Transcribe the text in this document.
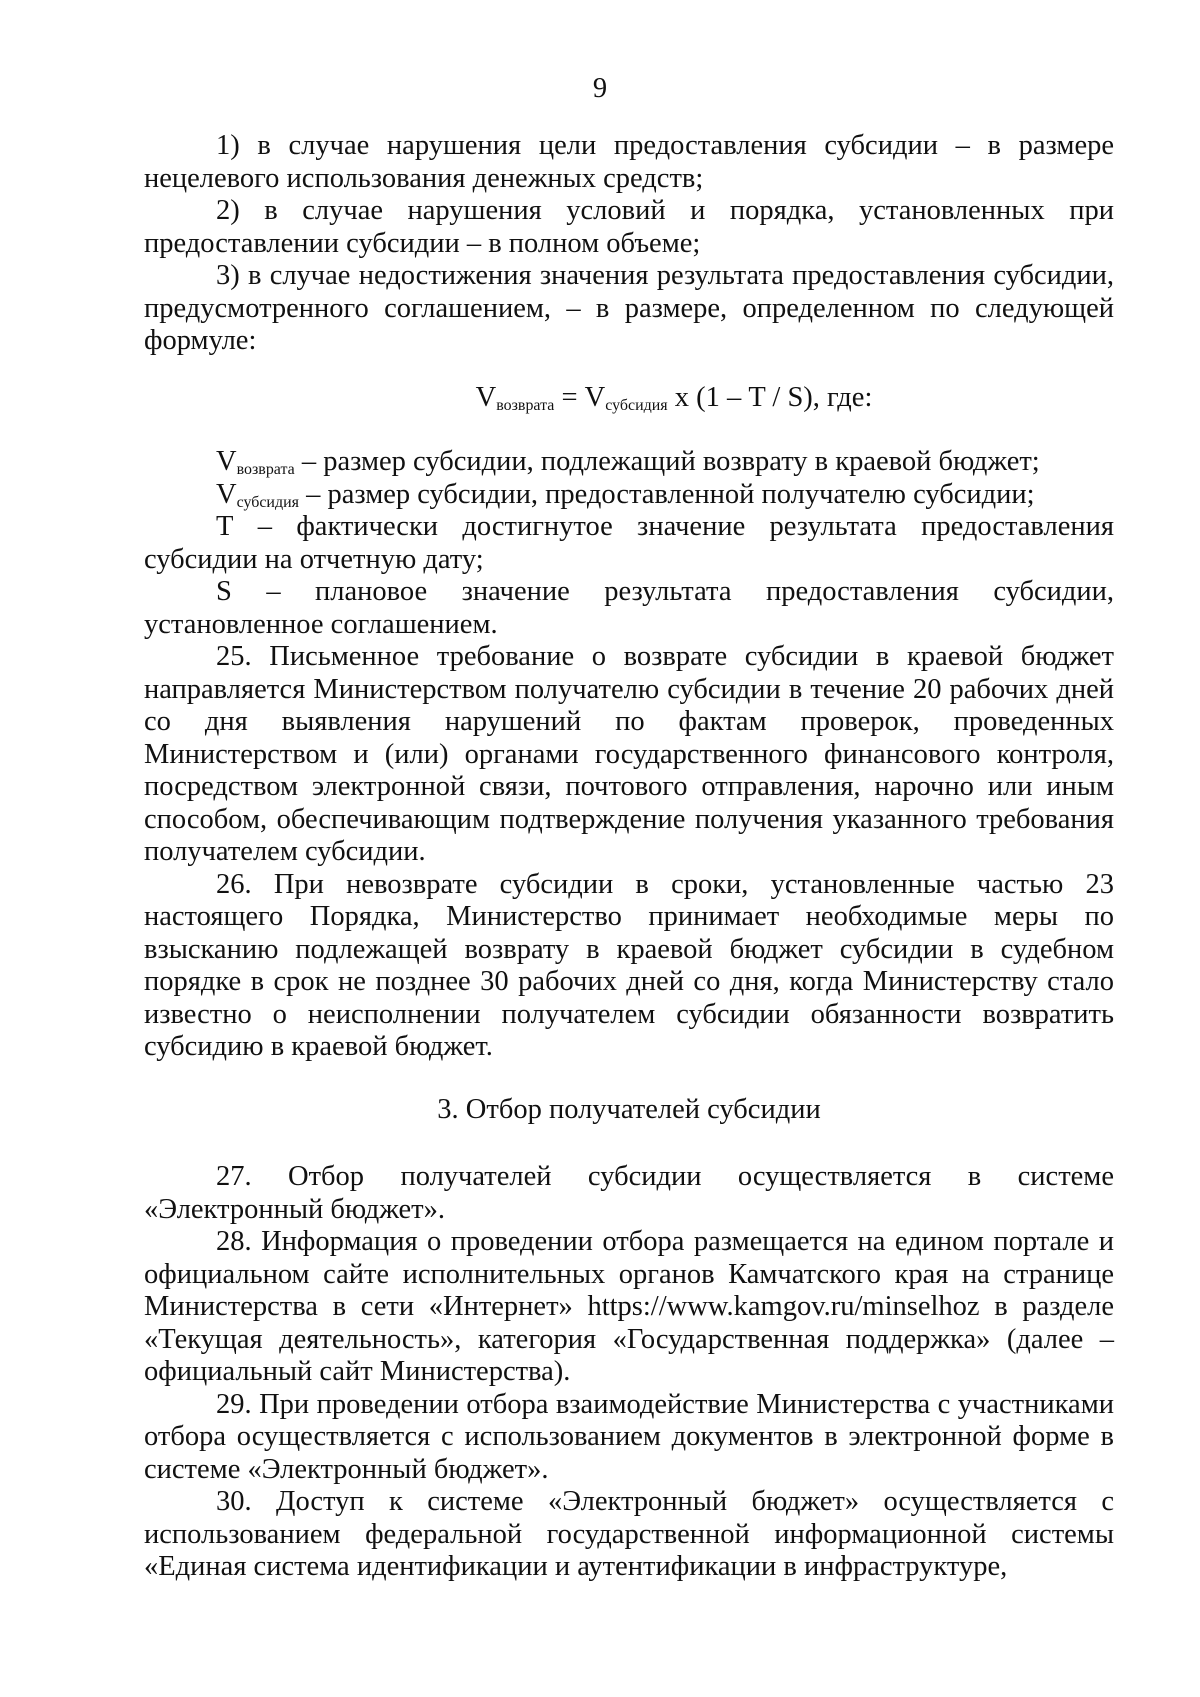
9

1) в случае нарушения цели предоставления субсидии – в размере нецелевого использования денежных средств;

2) в случае нарушения условий и порядка, установленных при предоставлении субсидии – в полном объеме;

3) в случае недостижения значения результата предоставления субсидии, предусмотренного соглашением, – в размере, определенном по следующей формуле:

$V_{возврата} = V_{субсидия}$ х (1 – T / S), где:

$V_{возврата}$ – размер субсидии, подлежащий возврату в краевой бюджет;

$V_{субсидия}$ – размер субсидии, предоставленной получателю субсидии;

T – фактически достигнутое значение результата предоставления субсидии на отчетную дату;

S – плановое значение результата предоставления субсидии, установленное соглашением.

25. Письменное требование о возврате субсидии в краевой бюджет направляется Министерством получателю субсидии в течение 20 рабочих дней со дня выявления нарушений по фактам проверок, проведенных Министерством и (или) органами государственного финансового контроля, посредством электронной связи, почтового отправления, нарочно или иным способом, обеспечивающим подтверждение получения указанного требования получателем субсидии.

26. При невозврате субсидии в сроки, установленные частью 23 настоящего Порядка, Министерство принимает необходимые меры по взысканию подлежащей возврату в краевой бюджет субсидии в судебном порядке в срок не позднее 30 рабочих дней со дня, когда Министерству стало известно о неисполнении получателем субсидии обязанности возвратить субсидию в краевой бюджет.

3. Отбор получателей субсидии

27. Отбор получателей субсидии осуществляется в системе «Электронный бюджет».

28. Информация о проведении отбора размещается на едином портале и официальном сайте исполнительных органов Камчатского края на странице Министерства в сети «Интернет» https://www.kamgov.ru/minselhoz в разделе «Текущая деятельность», категория «Государственная поддержка» (далее – официальный сайт Министерства).

29. При проведении отбора взаимодействие Министерства с участниками отбора осуществляется с использованием документов в электронной форме в системе «Электронный бюджет».

30. Доступ к системе «Электронный бюджет» осуществляется с использованием федеральной государственной информационной системы «Единая система идентификации и аутентификации в инфраструктуре,
